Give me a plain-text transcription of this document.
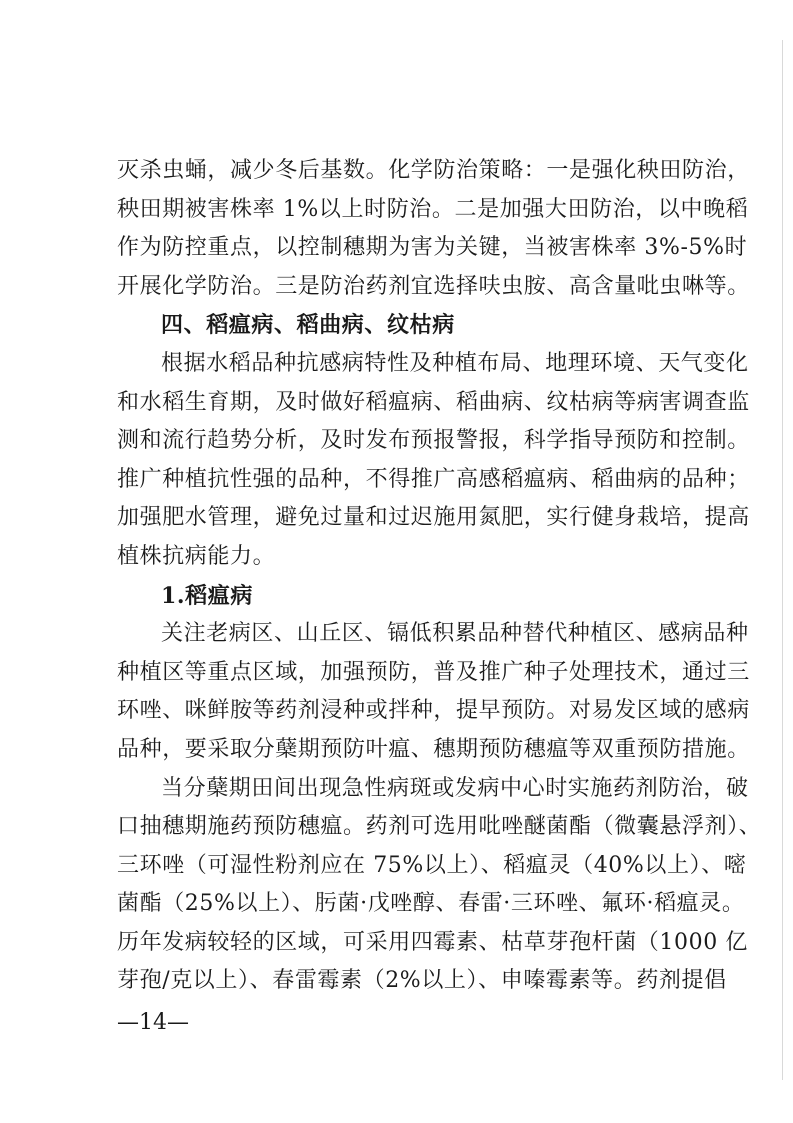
灭杀虫蛹，减少冬后基数。化学防治策略：一是强化秧田防治，
秧田期被害株率 1%以上时防治。二是加强大田防治，以中晚稻
作为防控重点，以控制穗期为害为关键，当被害株率 3%-5%时
开展化学防治。三是防治药剂宜选择呋虫胺、高含量吡虫啉等。
四、稻瘟病、稻曲病、纹枯病
根据水稻品种抗感病特性及种植布局、地理环境、天气变化
和水稻生育期，及时做好稻瘟病、稻曲病、纹枯病等病害调查监
测和流行趋势分析，及时发布预报警报，科学指导预防和控制。
推广种植抗性强的品种，不得推广高感稻瘟病、稻曲病的品种；
加强肥水管理，避免过量和过迟施用氮肥，实行健身栽培，提高
植株抗病能力。
1.稻瘟病
关注老病区、山丘区、镉低积累品种替代种植区、感病品种
种植区等重点区域，加强预防，普及推广种子处理技术，通过三
环唑、咪鲜胺等药剂浸种或拌种，提早预防。对易发区域的感病
品种，要采取分蘖期预防叶瘟、穗期预防穗瘟等双重预防措施。
当分蘖期田间出现急性病斑或发病中心时实施药剂防治，破
口抽穗期施药预防穗瘟。药剂可选用吡唑醚菌酯（微囊悬浮剂）、
三环唑（可湿性粉剂应在 75%以上）、稻瘟灵（40%以上）、嘧
菌酯（25%以上）、肟菌·戊唑醇、春雷·三环唑、氟环·稻瘟灵。
历年发病较轻的区域，可采用四霉素、枯草芽孢杆菌（1000 亿
芽孢/克以上）、春雷霉素（2%以上）、申嗪霉素等。药剂提倡
—14—
